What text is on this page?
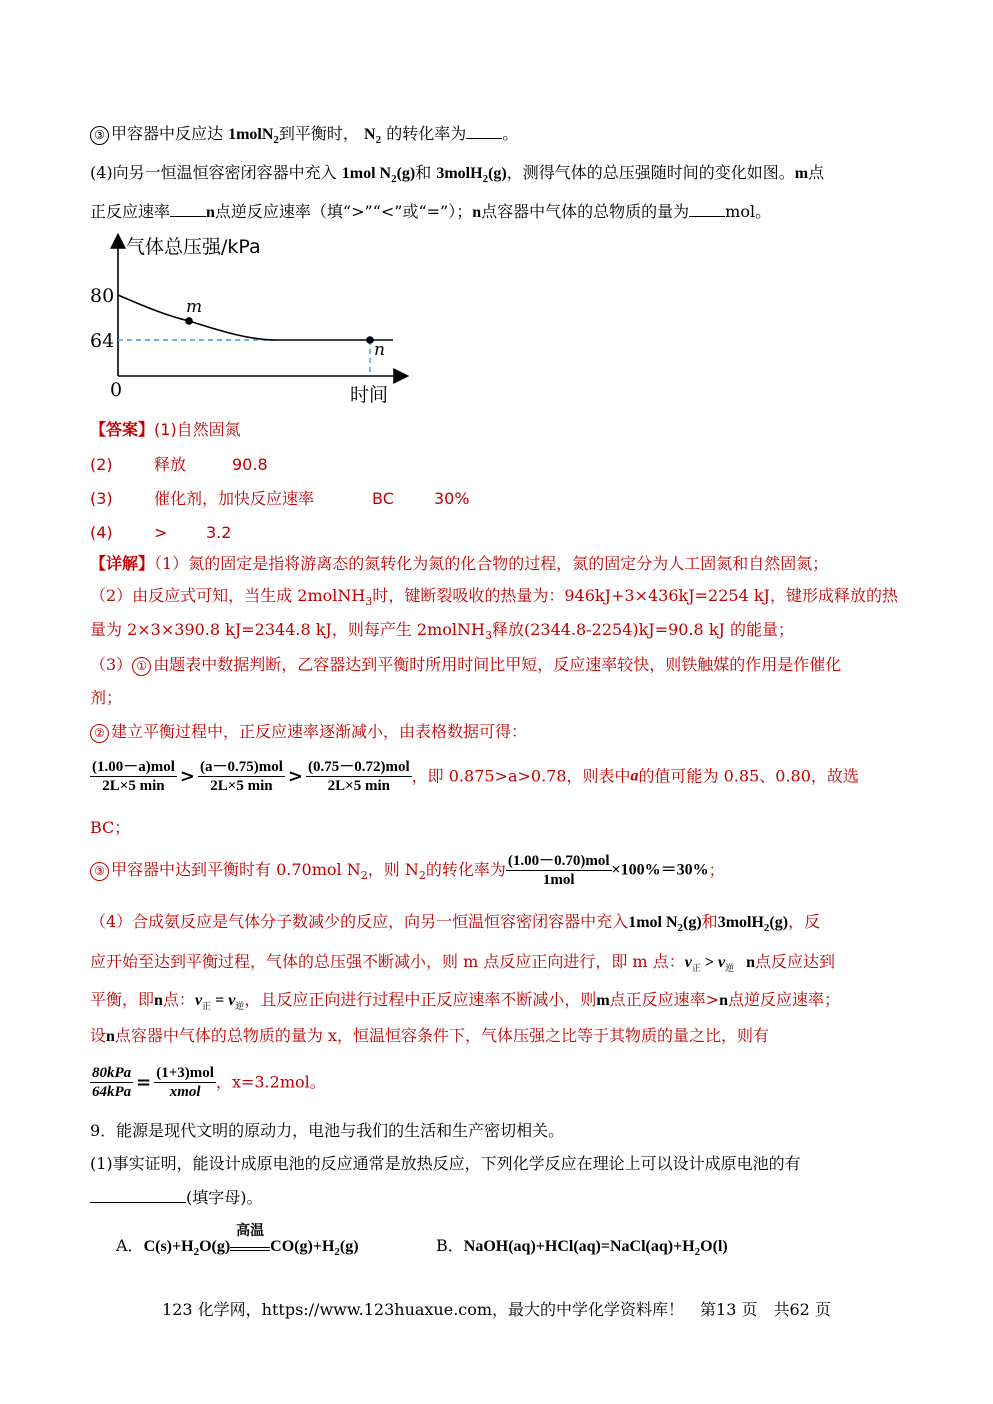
③ 甲容器中反应达 1molN$_2$到平衡时， $N_2$ 的转化率为 。
(4)向另一恒温恒容密闭容器中充入 1mol $N_2(g)$和 3molH$_2$(g)，测得气体的总压强随时间的变化如图。m点
正反应速率 n点逆反应速率（填“>”“<”或“=”）；n点容器中气体的总物质的量为 mol。
气体总压强/kPa
时间
0
80
64
m
n
【答案】(1)自然固氮
(2)	释放	90.8
(3)	催化剂，加快反应速率	BC	30%
(4)	> 3.2
【详解】（1）氮的固定是指将游离态的氮转化为氮的化合物的过程，氮的固定分为人工固氮和自然固氮；
（2）由反应式可知，当生成 2molNH$_3$时，键断裂吸收的热量为：946kJ+3×436kJ=2254 kJ，键形成释放的热
量为 2×3×390.8 kJ=2344.8 kJ，则每产生 2molNH$_3$释放(2344.8-2254)kJ=90.8 kJ 的能量；
（3） ① 由题表中数据判断，乙容器达到平衡时所用时间比甲短，反应速率较快，则铁触媒的作用是作催化
剂；
② 建立平衡过程中，正反应速率逐渐减小，由表格数据可得：
$\frac{\text{(1.00－a)mol}}{2L\times 5 \min} > \frac{\text{(a－0.75)mol}}{2L\times 5 \min} > \frac{\text{(0.75－0.72)mol}}{2L\times 5 \min}$ ，即 0.875>a>0.78，则表中a的值可能为 0.85、0.80，故选
BC；
③ 甲容器中达到平衡时有 0.70mol $N_2$，则 $N_2$的转化率为 $\frac{\text{(1.00－0.70)mol}}{\text{1mol}} \times 100\%=30\%$；
（4）合成氨反应是气体分子数减少的反应，向另一恒温恒容密闭容器中充入1mol $N_2(g)$和3molH$_2$(g)，反
应开始至达到平衡过程，气体的总压强不断减小，则 m 点反应正向进行，即 m 点：$v_正 > v_逆$ n点反应达到
平衡，即n点：$v_正 = v_逆$，且反应正向进行过程中正反应速率不断减小，则m点正反应速率>n点逆反应速率；
设n点容器中气体的总物质的量为 x，恒温恒容条件下，气体压强之比等于其物质的量之比，则有
$\frac{\text{80kPa}}{\text{64kPa}} = \frac{\text{(1+3)mol}}{\text{xmol}}$ ，x=3.2mol。
9．能源是现代文明的原动力，电池与我们的生活和生产密切相关。
(1)事实证明，能设计成原电池的反应通常是放热反应，下列化学反应在理论上可以设计成原电池的有
(填字母)。
A．$C(s)+H_2O(g)$
高温
$CO(g)+H_2(g)$	B．$NaOH(aq)+HCl(aq)=NaCl(aq)+H_2O(l)$
123 化学网，https://www.123huaxue.com，最大的中学化学资料库！　第13 页　共62 页
